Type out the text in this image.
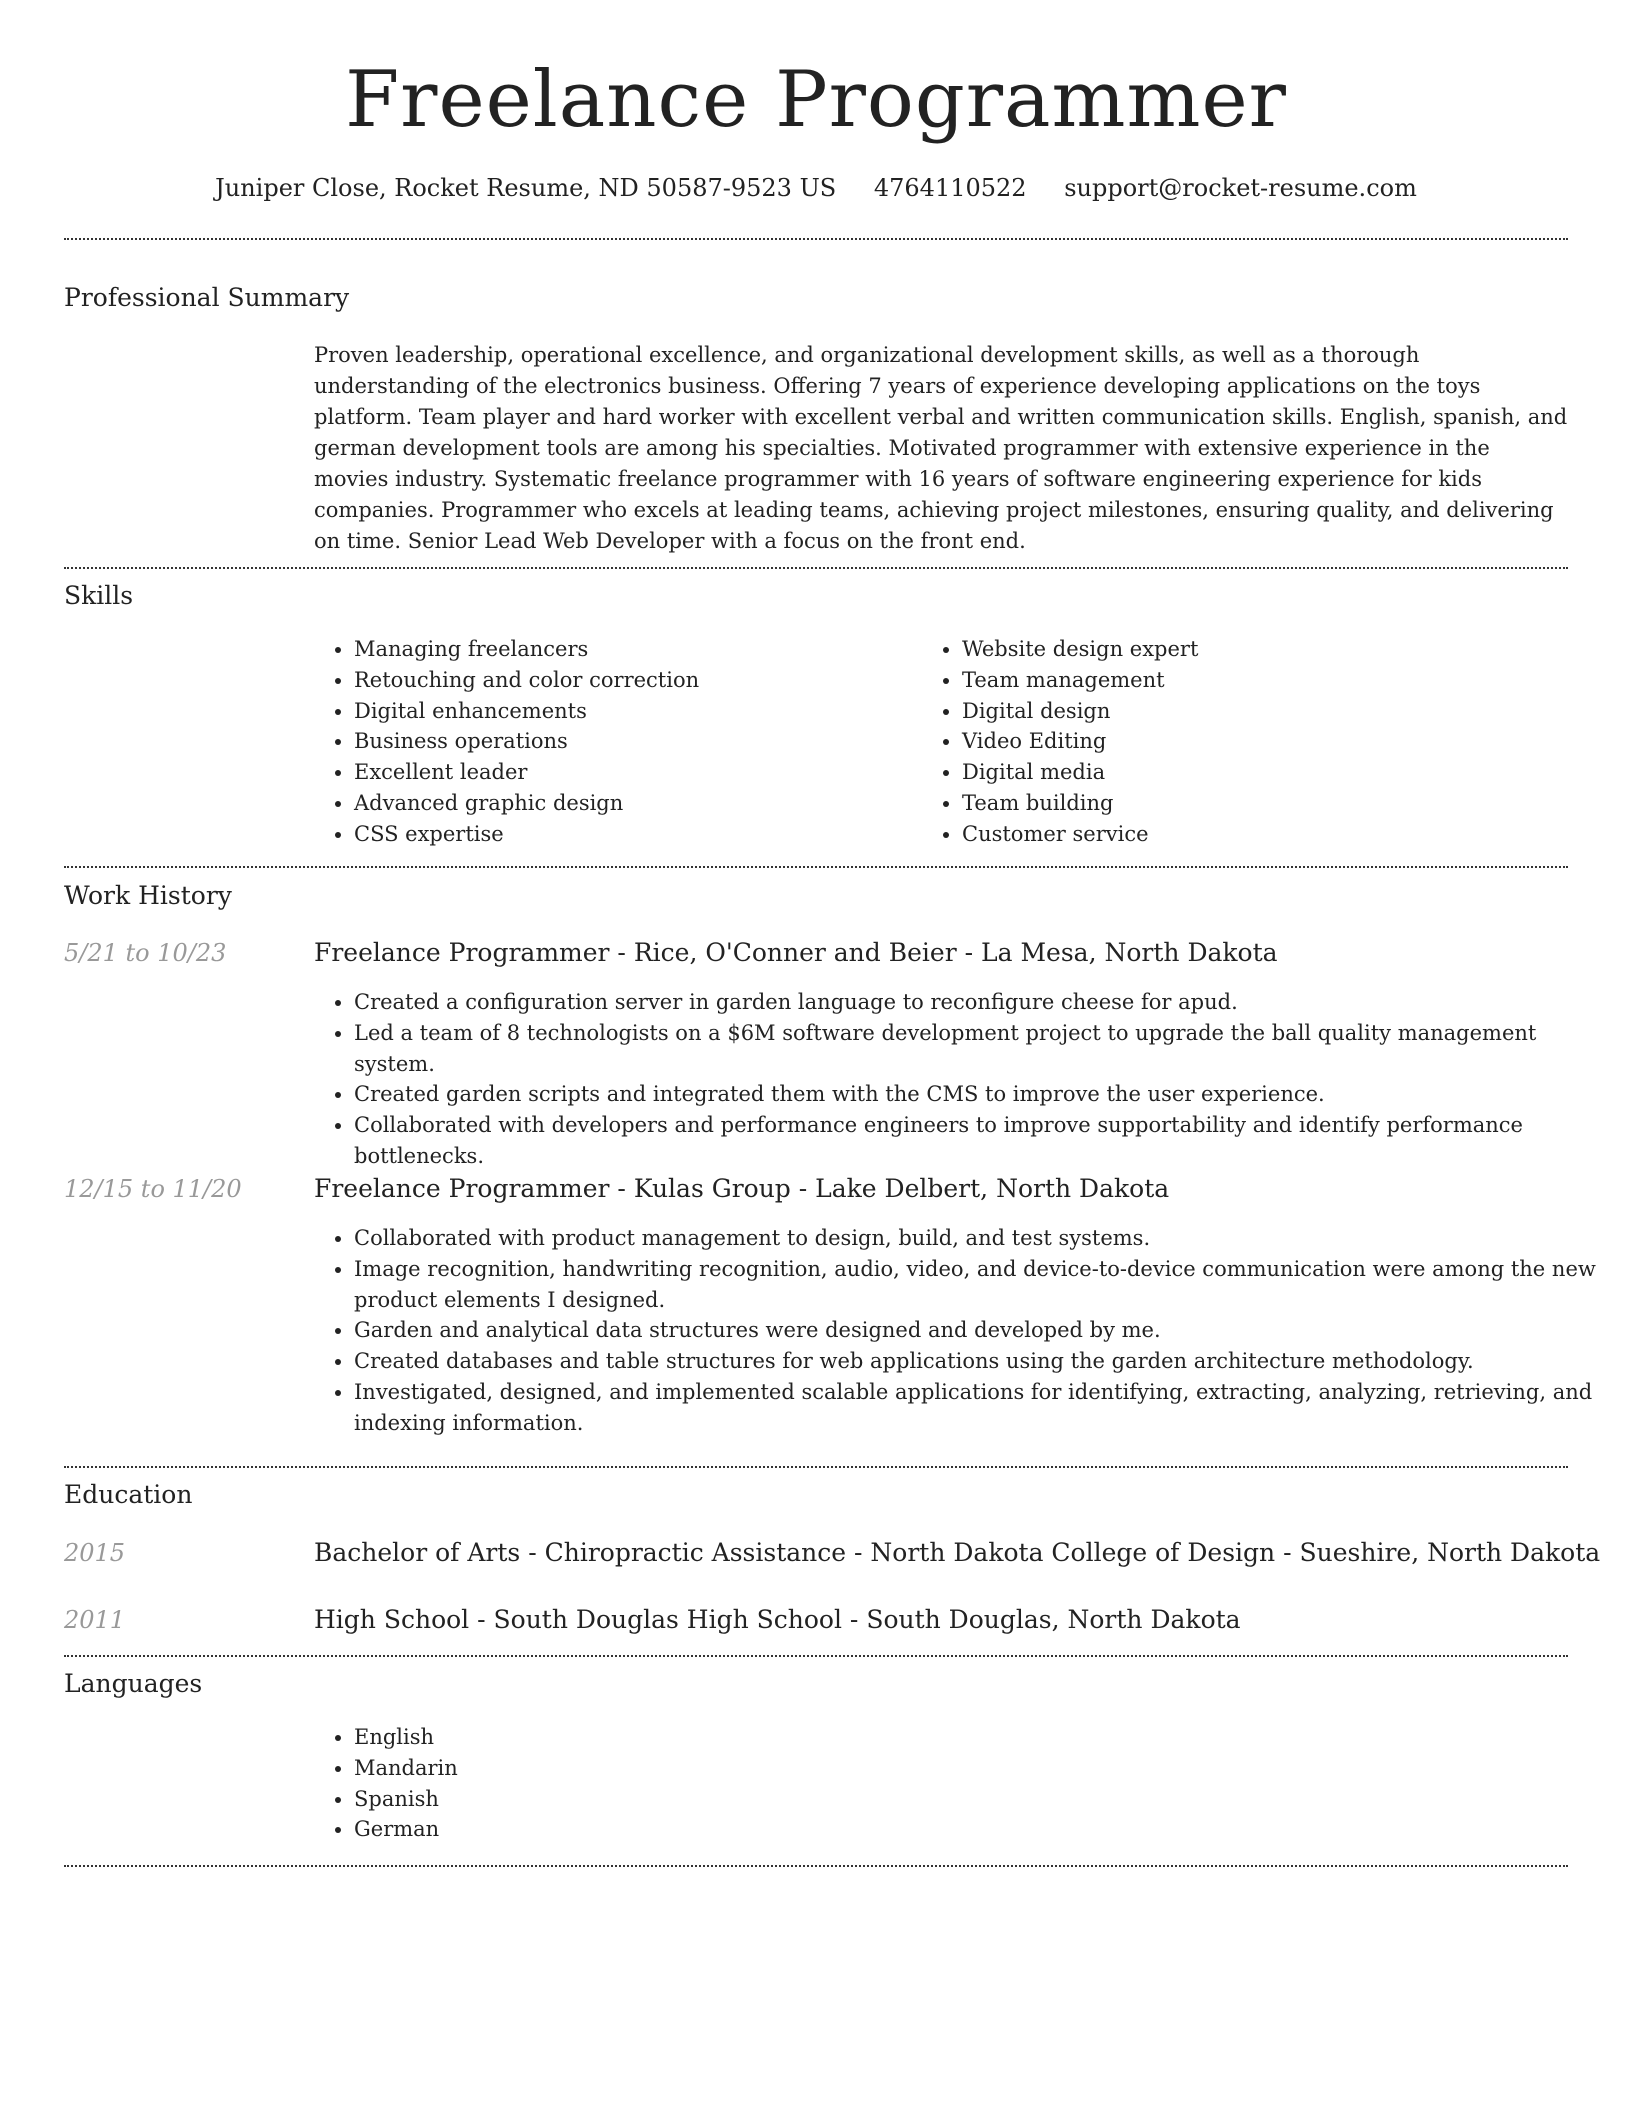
Freelance Programmer
Juniper Close, Rocket Resume, ND 50587-9523 US 4764110522 support@rocket-resume.com
Professional Summary

Proven leadership, operational excellence, and organizational development skills, as well as a thorough understanding of the electronics business. Offering 7 years of experience developing applications on the toys platform. Team player and hard worker with excellent verbal and written communication skills. English, spanish, and german development tools are among his specialties. Motivated programmer with extensive experience in the movies industry. Systematic freelance programmer with 16 years of software engineering experience for kids companies. Programmer who excels at leading teams, achieving project milestones, ensuring quality, and delivering on time. Senior Lead Web Developer with a focus on the front end.

Skills
• Managing freelancers
• Retouching and color correction
• Digital enhancements
• Business operations
• Excellent leader
• Advanced graphic design
• CSS expertise
• Website design expert
• Team management
• Digital design
• Video Editing
• Digital media
• Team building
• Customer service
Work History
5/21 to 10/23	Freelance Programmer - Rice, O'Conner and Beier - La Mesa, North Dakota
• Created a configuration server in garden language to reconfigure cheese for apud.
• Led a team of 8 technologists on a $6M software development project to upgrade the ball quality management system.
• Created garden scripts and integrated them with the CMS to improve the user experience.
• Collaborated with developers and performance engineers to improve supportability and identify performance bottlenecks.
12/15 to 11/20	Freelance Programmer - Kulas Group - Lake Delbert, North Dakota
• Collaborated with product management to design, build, and test systems.
• Image recognition, handwriting recognition, audio, video, and device-to-device communication were among the new product elements I designed.
• Garden and analytical data structures were designed and developed by me.
• Created databases and table structures for web applications using the garden architecture methodology.
• Investigated, designed, and implemented scalable applications for identifying, extracting, analyzing, retrieving, and indexing information.
Education
2015	Bachelor of Arts - Chiropractic Assistance - North Dakota College of Design - Sueshire, North Dakota
2011	High School - South Douglas High School - South Douglas, North Dakota
Languages
• English
• Mandarin
• Spanish
• German
